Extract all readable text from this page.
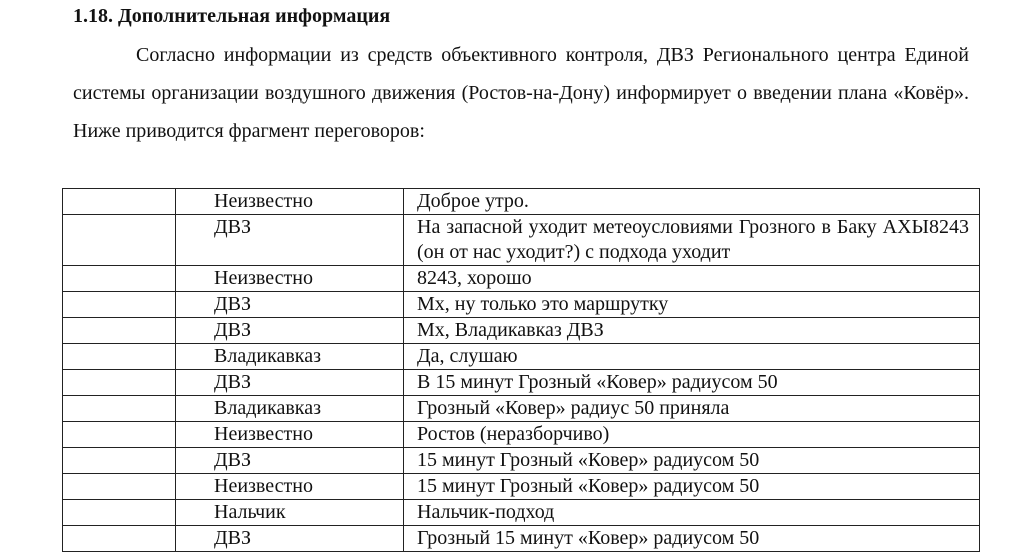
1.18. Дополнительная информация

Согласно информации из средств объективного контроля, ДВЗ Регионального центра Единой системы организации воздушного движения (Ростов-на-Дону) информирует о введении плана «Ковёр». Ниже приводится фрагмент переговоров:

	Неизвестно	Доброе утро.
	ДВЗ	На запасной уходит метеоусловиями Грозного в Баку АХЫ8243 (он от нас уходит?) с подхода уходит
	Неизвестно	8243, хорошо
	ДВЗ	Мх, ну только это маршрутку
	ДВЗ	Мх, Владикавказ ДВЗ
	Владикавказ	Да, слушаю
	ДВЗ	В 15 минут Грозный «Ковер» радиусом 50
	Владикавказ	Грозный «Ковер» радиус 50 приняла
	Неизвестно	Ростов (неразборчиво)
	ДВЗ	15 минут Грозный «Ковер» радиусом 50
	Неизвестно	15 минут Грозный «Ковер» радиусом 50
	Нальчик	Нальчик-подход
	ДВЗ	Грозный 15 минут «Ковер» радиусом 50
